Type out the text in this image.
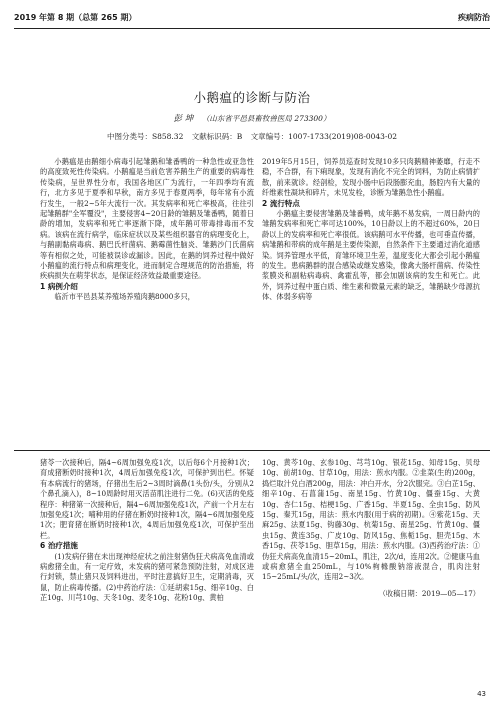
2019 年第 8 期（总第 265 期）	疾病防治
小鹅瘟的诊断与防治
彭 坤 （山东省平邑县畜牧兽医局 273300）
中图分类号：S858.32 文献标识码：B 文章编号：1007-1733(2019)08-0043-02

小鹅瘟是由鹅细小病毒引起雏鹅和雏番鸭的一种急性或亚急性的高度致死性传染病。小鹅瘟是当前危害养鹅生产的重要的病毒性传染病，呈世界性分布，我国各地区广为流行，一年四季均有流行，北方多见于夏季和早秋，南方多见于春夏两季，每年常有小流行发生，一般2~5年大流行一次。其发病率和死亡率极高，往往引起雏鹅群"全军覆没"，主要侵害4~20日龄的雏鹅及雏番鸭，随着日龄的增加，发病率和死亡率逐渐下降，成年鹅可带毒排毒而不发病。该病在流行病学，临床症状以及某些组织器官的病理变化上，与鹅副黏病毒病、鹅巴氏杆菌病、鹅霉菌性脑炎、雏鹅沙门氏菌病等有相似之处，可能被误诊或漏诊。因此，在鹅的饲养过程中做好小鹅瘟的流行特点和病理变化，进而制定合理规范的防治措施，将疾病损失在萌芽状态，是保证经济效益最重要途径。

1 病例介绍

临沂市平邑县某养殖场养殖肉鹅8000多只，

2019年5月15日，饲养员巡查时发现10多只肉鹅精神萎靡，行走不稳，不合群，有下痢现象，发现有消化不完全的饲料，为防止病情扩散，前来就诊。经剖检，发现小肠中后段肠膨充血，肠腔内有大量的纤维素性凝块和碎片，未见发栓，诊断为雏鹅急性小鹅瘟。

2 流行特点

小鹅瘟主要侵害雏鹅及雏番鸭，成年鹅不易发病，一周日龄内的雏鹅发病率和死亡率可达100%，10日龄以上的不超过60%，20日龄以上的发病率和死亡率很低。该病鹅可水平传播，也可垂直传播，病雏鹅和带病的成年鹅是主要传染源，自然条件下主要通过消化道感染。饲养管理水平低，育雏环境卫生差，温度变化大都会引起小鹅瘟的发生。患病鹅群的混合感染或继发感染，像禽大肠杆菌病、传染性浆膜炎和副粘病毒病、禽霍乱等，都会加剧该病的发生和死亡。此外，饲养过程中蛋白质、维生素和微量元素的缺乏，雏鹅缺少母源抗体、体弱多病等

猪苓一次接种后，隔4~6周加强免疫1次，以后每6个月接种1次；育成猪断奶时接种1次，4周后加强免疫1次，可保护到出栏。怀疑有本病流行的猪场，仔猪出生后2~3周时滴鼻(1头份/头，分别从2个鼻孔滴入)，8~10周龄时用灭活苗肌注进行二免。(6)灭活的免疫程序：种猪第一次接种后，隔4~6周加强免疫1次，产前一个月左右加强免疫1次；哺种用的仔猪在断奶时接种1次，隔4~6周加强免疫1次；肥育猪在断奶时接种1次，4周后加强免疫1次，可保护至出栏。

6 治疗措施

(1)发病仔猪在未出现神经症状之前注射猪伪狂犬病高免血清或病愈猪全血，有一定疗效，未发病的猪可紧急预防注射，对成区进行封锁，禁止猪只及饲料进出，平时注意搞好卫生，定期消毒，灭鼠，防止病毒传播。(2)中药治疗法：①延胡索15g、细辛10g、白芷10g、川芎10g、天冬10g、麦冬10g、花粉10g、黄柏

10g、黄芩10g、玄参10g、芎芎10g、银花15g、知母15g、贝母10g、前胡10g、甘草10g，用法：煎水内服。②韭菜(生的)200g，捣烂取汁兑白酒200g，用法：冲白开水，分2次服完。③白芷15g、细辛10g、石菖蒲15g、南星15g、竹黄10g、僵蚕15g、大黄10g、杏仁15g、桔梗15g、广香15g、半夏15g、全虫15g、防风15g、秦艽15g，用法：煎水内服(用于病的初期)。④紫花15g、天麻25g、法夏15g、钩藤30g、杭菊15g、南星25g、竹黄10g、僵虫15g、黄连35g、广皮10g、防风15g、焦栀15g、胆壳15g、木香15g、茯苓15g、胆草15g，用法：煎水内服。(3)西药治疗法：①伪狂犬病高免血清15~20mL，肌注，2次/d，连用2次。②健康马血或病愈猪全血250mL，与10%枸橼酸钠溶液混合，肌肉注射15~25mL/头/次，连用2~3次。

（收稿日期：2019—05—17）

43
